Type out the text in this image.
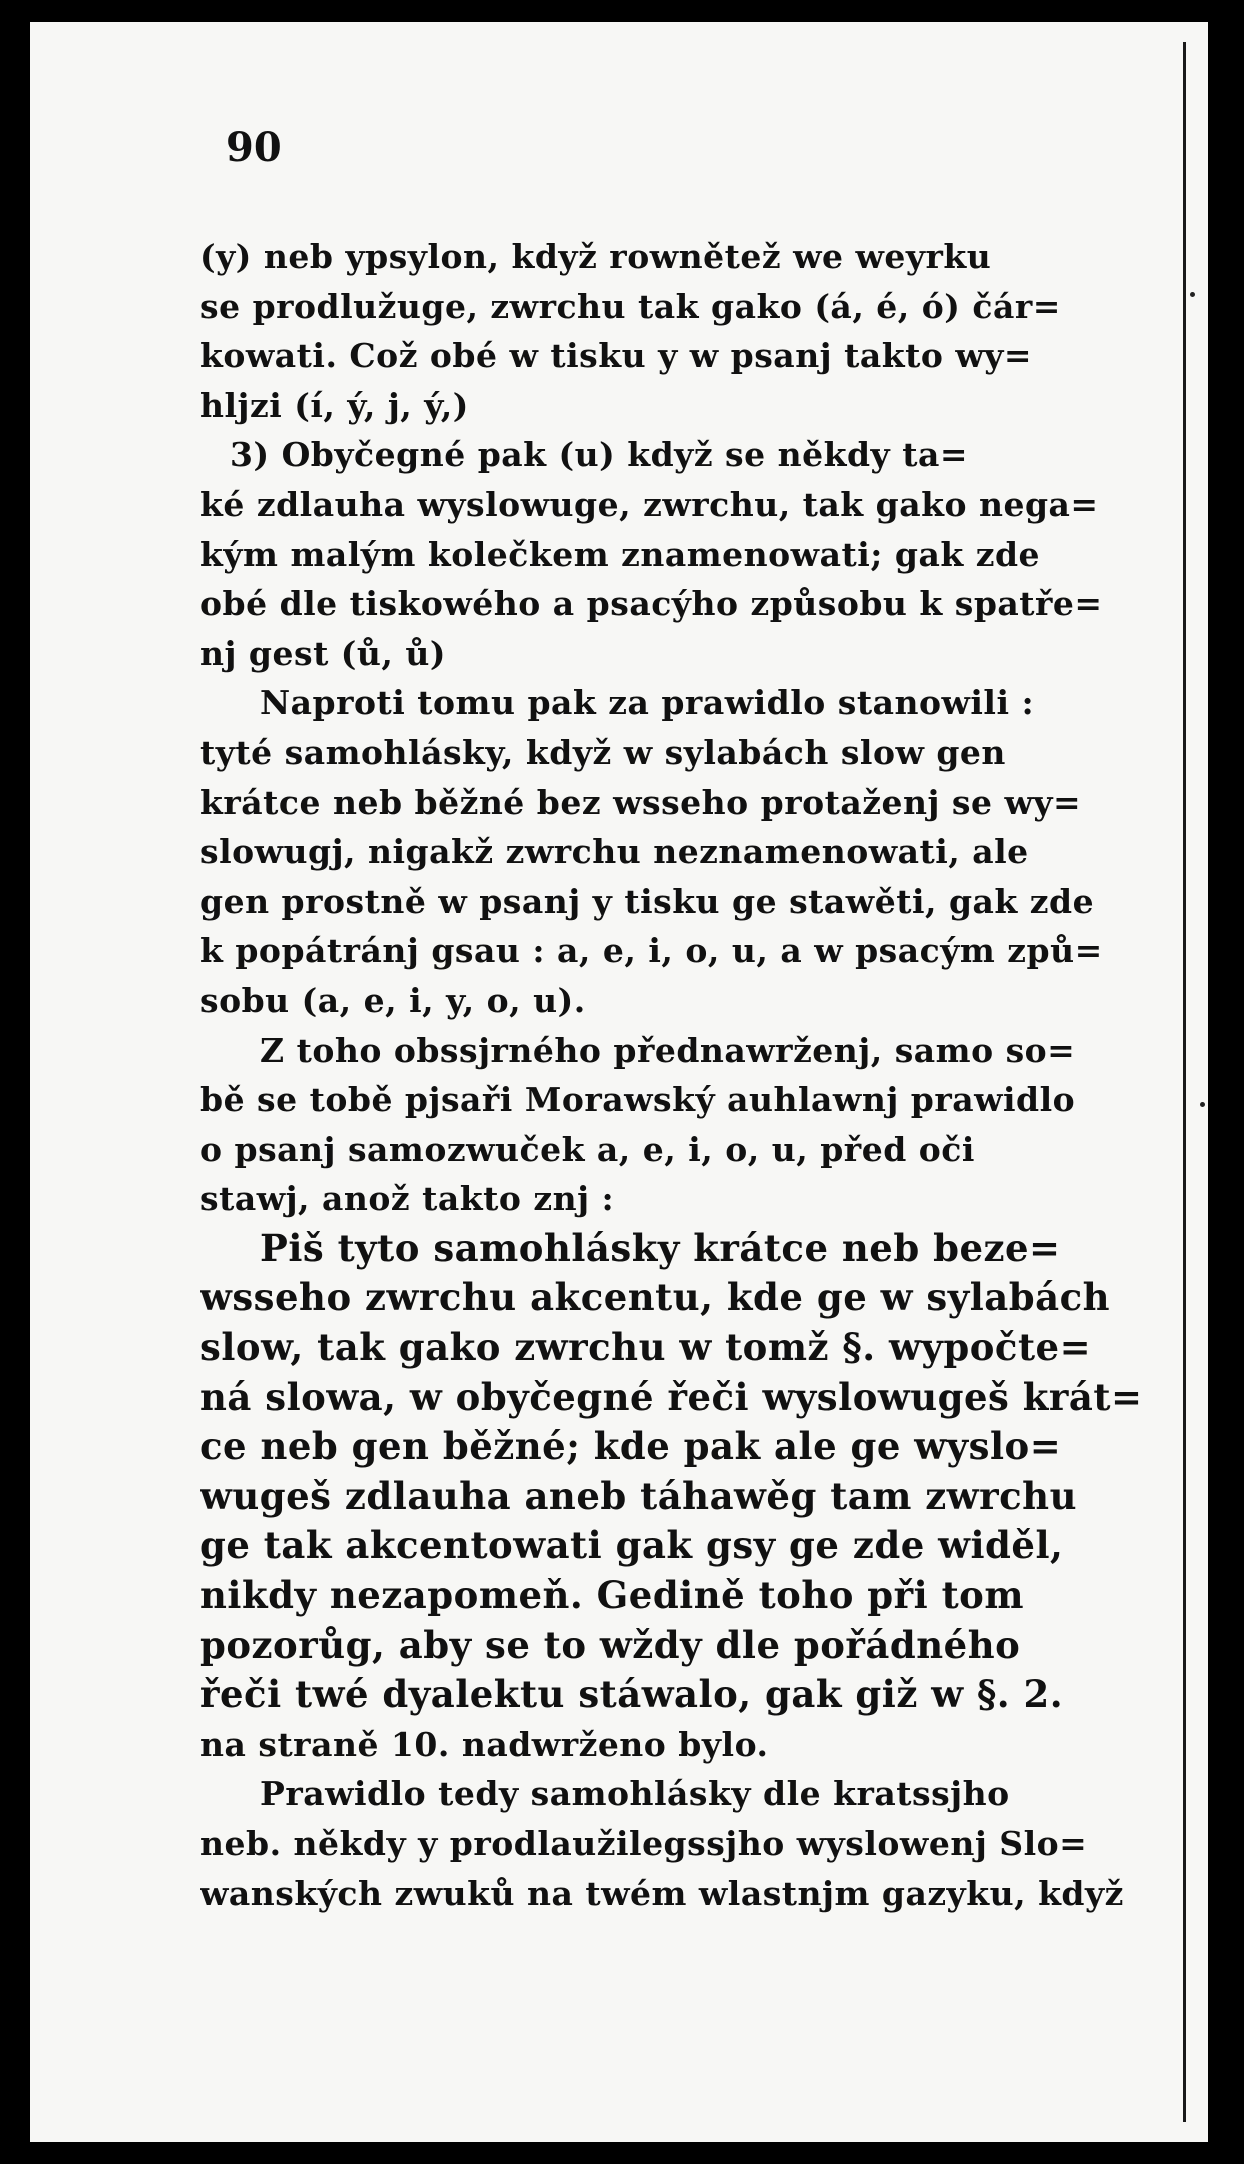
90
(y) neb ypsylon, když rownětež we weyrku
se prodlužuge, zwrchu tak gako (á, é, ó) čár=
kowati. Což obé w tisku y w psanj takto wy=
hljzi (í, ý, j, ý,)
3) Obyčegné pak (u) když se někdy ta=
ké zdlauha wyslowuge, zwrchu, tak gako nega=
kým malým kolečkem znamenowati; gak zde
obé dle tiskowého a psacýho způsobu k spatře=
nj gest (ů, ů)
Naproti tomu pak za prawidlo stanowili :
tyté samohlásky, když w sylabách slow gen
krátce neb běžné bez wsseho protaženj se wy=
slowugj, nigakž zwrchu neznamenowati, ale
gen prostně w psanj y tisku ge stawěti, gak zde
k popátránj gsau : a, e, i, o, u, a w psacým způ=
sobu (a, e, i, y, o, u).
Z toho obssjrného přednawrženj, samo so=
bě se tobě pjsaři Morawský auhlawnj prawidlo
o psanj samozwuček a, e, i, o, u, před oči
stawj, anož takto znj :
Piš tyto samohlásky krátce neb beze=
wsseho zwrchu akcentu, kde ge w sylabách
slow, tak gako zwrchu w tomž §. wypočte=
ná slowa, w obyčegné řeči wyslowugeš krát=
ce neb gen běžné; kde pak ale ge wyslo=
wugeš zdlauha aneb táhawěg tam zwrchu
ge tak akcentowati gak gsy ge zde widěl,
nikdy nezapomeň. Gedině toho při tom
pozorůg, aby se to wždy dle pořádného
řeči twé dyalektu stáwalo, gak giž w §. 2.
na straně 10. nadwrženo bylo.
Prawidlo tedy samohlásky dle kratssjho
neb. někdy y prodlaužilegssjho wyslowenj Slo=
wanských zwuků na twém wlastnjm gazyku, když
